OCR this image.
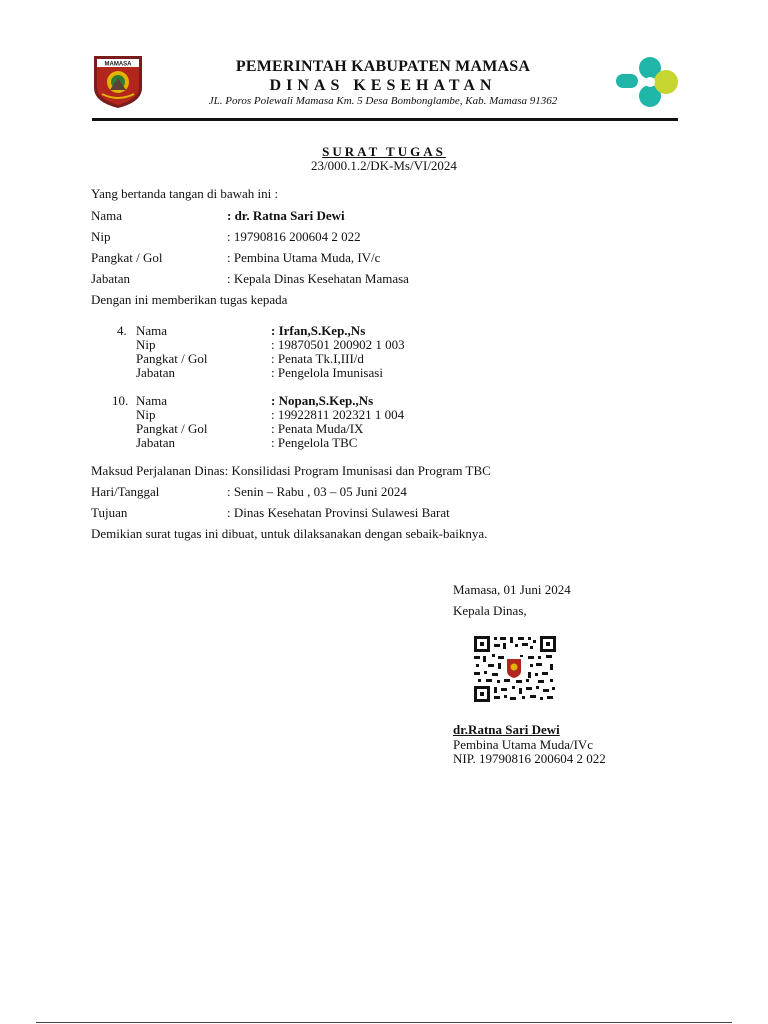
MAMASA	PEMERINTAH KABUPATEN MAMASA
DINAS KESEHATAN
JL. Poros Polewali Mamasa Km. 5 Desa Bombonglambe, Kab. Mamasa 91362
SURAT TUGAS
23/000.1.2/DK-Ms/VI/2024
Yang bertanda tangan di bawah ini :
Nama	: dr. Ratna Sari Dewi
Nip	: 19790816 200604 2 022
Pangkat / Gol	: Pembina Utama Muda, IV/c
Jabatan	: Kepala Dinas Kesehatan Mamasa
Dengan ini memberikan tugas kepada
4. Nama	: Irfan,S.Kep.,Ns
Nip	: 19870501 200902 1 003
Pangkat / Gol	: Penata Tk.I,III/d
Jabatan	: Pengelola Imunisasi
10. Nama	: Nopan,S.Kep.,Ns
Nip	: 19922811 202321 1 004
Pangkat / Gol	: Penata Muda/IX
Jabatan	: Pengelola TBC
Maksud Perjalanan Dinas: Konsilidasi Program Imunisasi dan Program TBC
Hari/Tanggal	: Senin – Rabu , 03 – 05 Juni 2024
Tujuan	: Dinas Kesehatan Provinsi Sulawesi Barat
Demikian surat tugas ini dibuat, untuk dilaksanakan dengan sebaik-baiknya.
Mamasa, 01 Juni 2024
Kepala Dinas,
dr.Ratna Sari Dewi
Pembina Utama Muda/IVc
NIP. 19790816 200604 2 022
